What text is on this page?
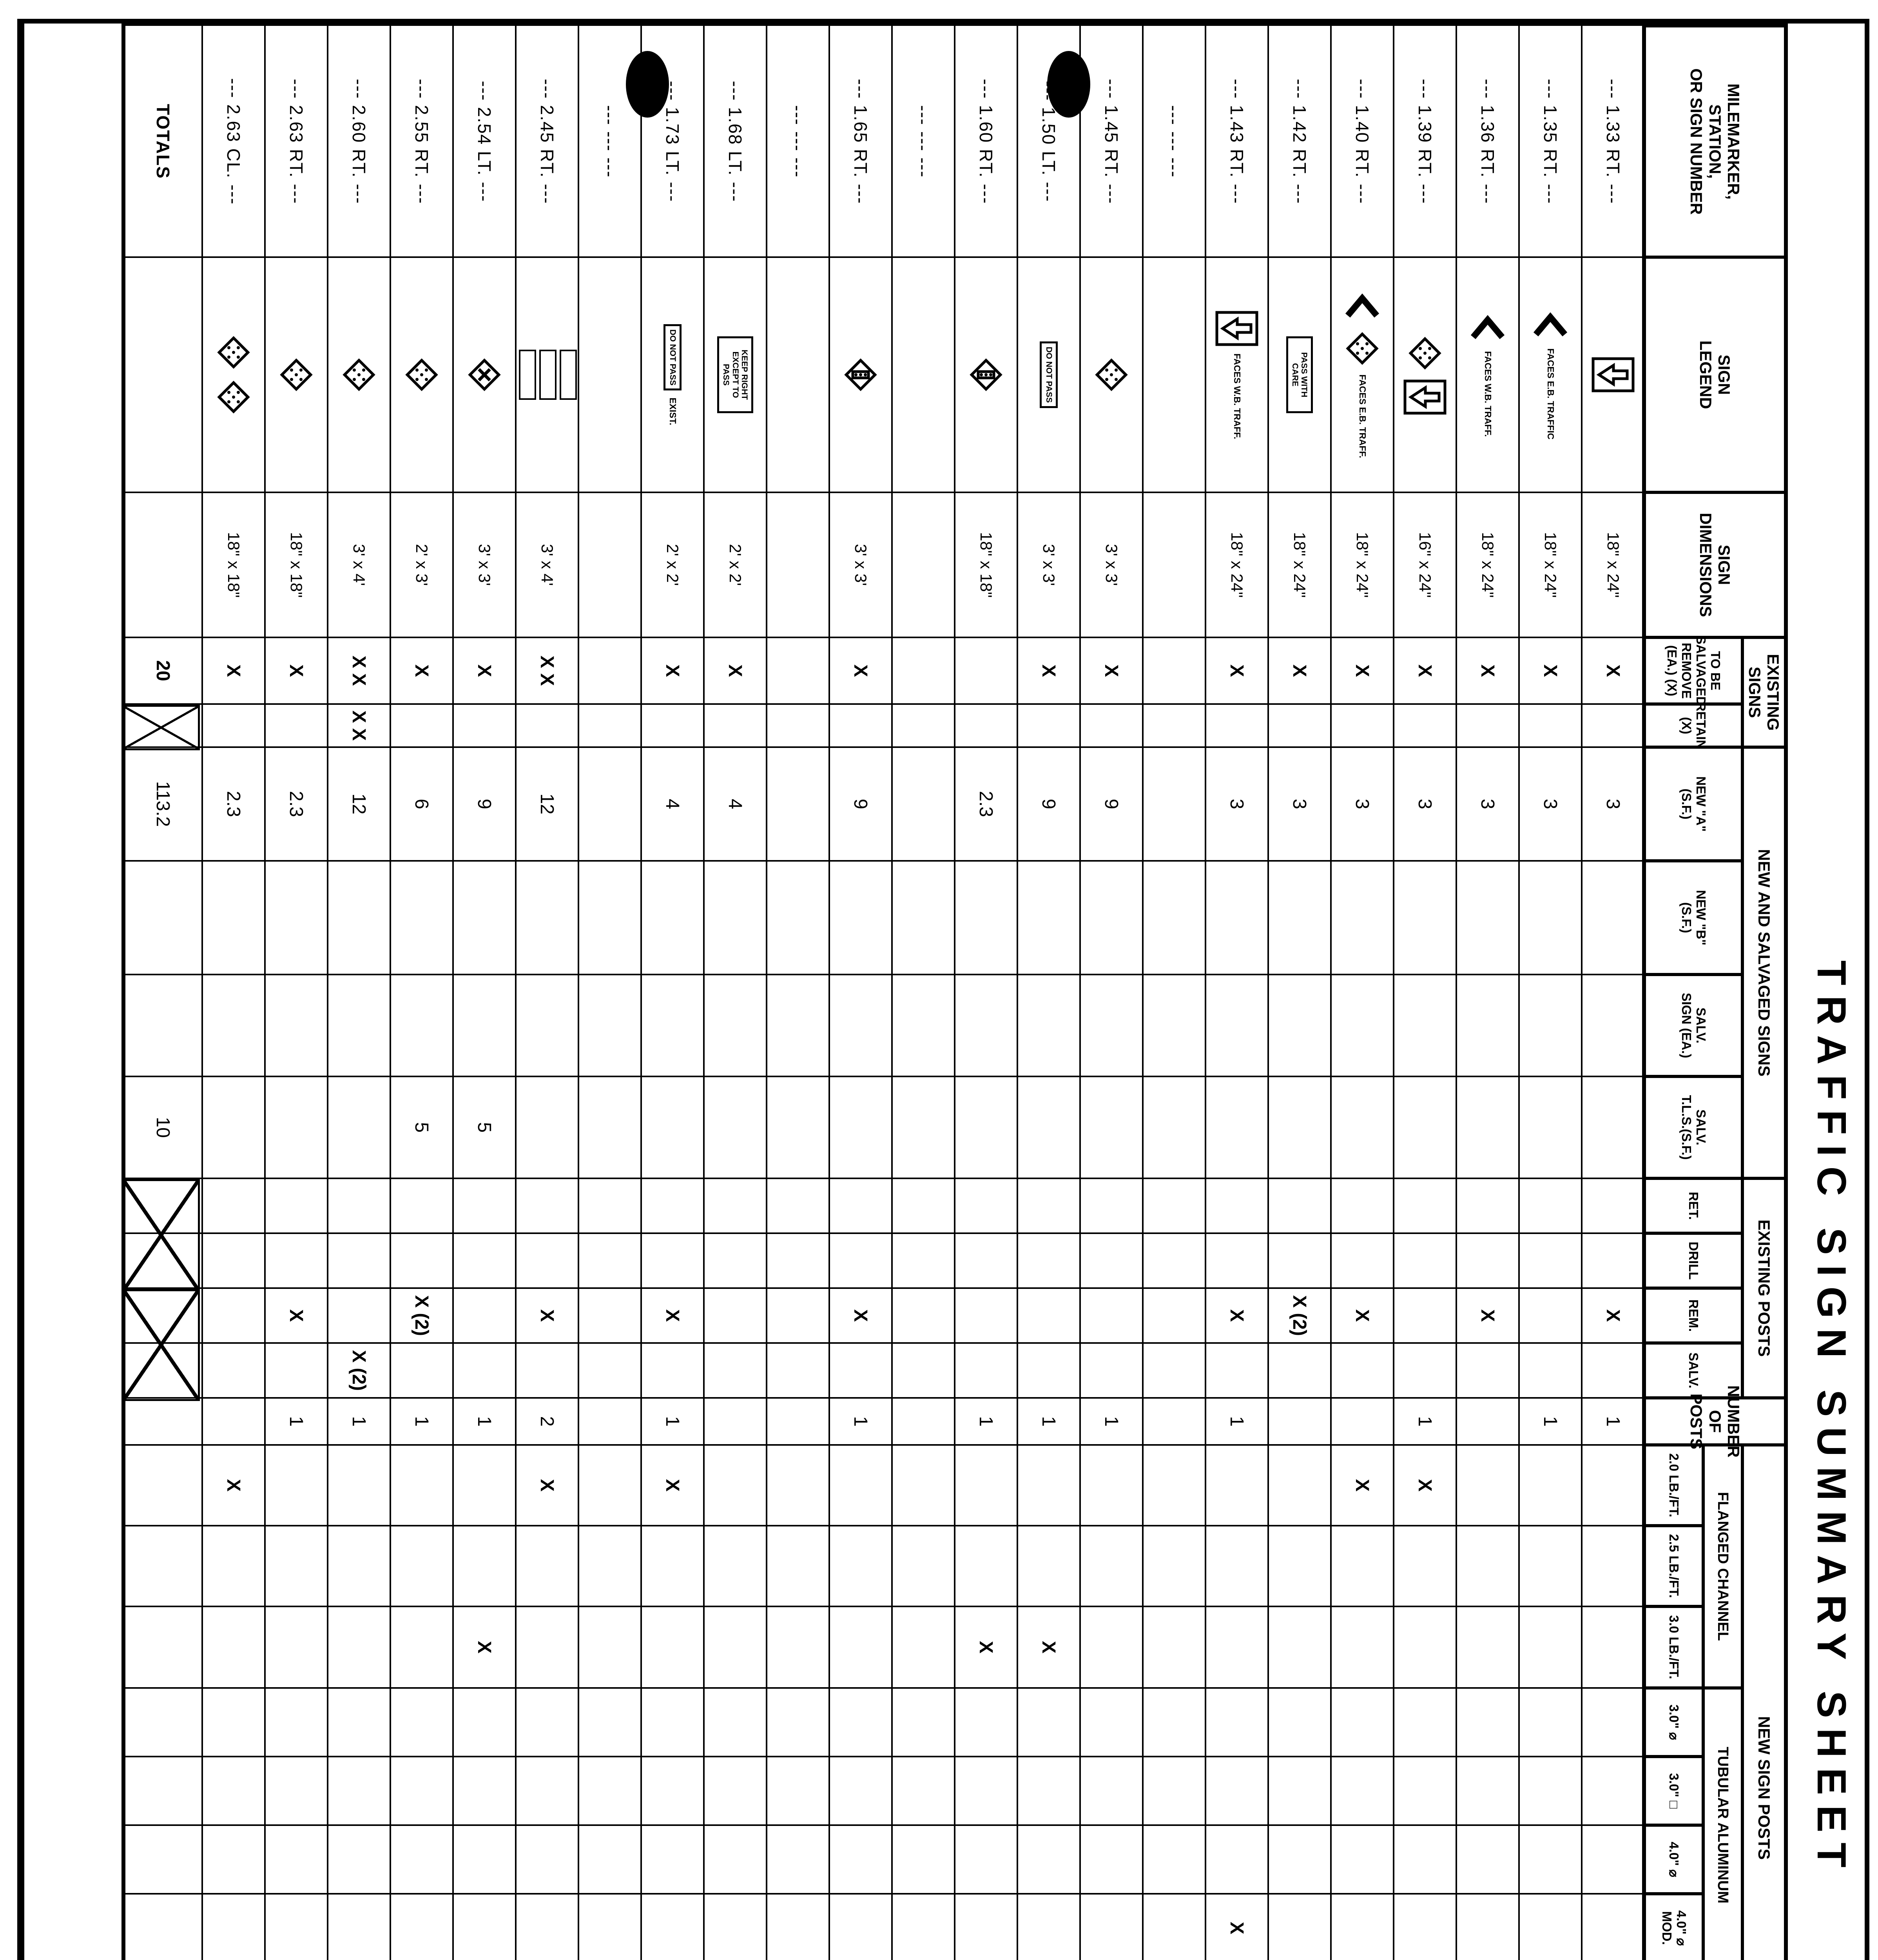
TRAFFIC SIGN SUMMARY SHEET
EXISTING SIGNS
NEW AND SALVAGED SIGNS
EXISTING POSTS
NEW SIGN POSTS
FLANGED CHANNEL
TUBULAR ALUMINUM
MILEMARKER,
STATION,
OR SIGN NUMBER
SIGN
LEGEND
SIGN
DIMENSIONS
TO BE SALVAGED
REMOVE (EA.) (X)
RETAIN
(X)
NEW "A"
(S.F.)
NEW "B"
(S.F.)
SALV.
SIGN (EA.)
SALV.
T.L.S.(S.F.)
RET.
DRILL
REM.
SALV.
NUMBER
OF
POSTS
2.0 LB./FT.
2.5 LB./FT.
3.0 LB./FT.
3.0" ⌀
3.0" □
4.0" ⌀
4.0" ⌀
MOD.
--- 1.33 RT. ---
18" x 24"
X
3
X
1
--- 1.35 RT. ---
FACES E.B. TRAFFIC
18" x 24"
X
3
1
--- 1.36 RT. ---
FACES W.B. TRAFF.
18" x 24"
X
3
X
--- 1.39 RT. ---
16" x 24"
X
3
1
X
--- 1.40 RT. ---
FACES E.B. TRAFF.
18" x 24"
X
3
X
X
--- 1.42 RT. ---
PASS WITH CARE
18" x 24"
X
3
X (2)
--- 1.43 RT. ---
FACES W.B. TRAFF.
18" x 24"
X
3
X
1
X
--- --- ---
--- 1.45 RT. ---
3' x 3'
X
9
1
--- 1.50 LT. ---
DO NOT PASS
3' x 3'
X
9
1
X
--- 1.60 RT. ---
18" x 18"
2.3
1
X
--- --- ---
--- 1.65 RT. ---
3' x 3'
X
9
X
1
--- --- ---
--- 1.68 LT. ---
KEEP RIGHT EXCEPT TO PASS
2' x 2'
X
4
--- 1.73 LT. ---
DO NOT PASS
EXIST.
2' x 2'
X
4
X
1
X
--- --- ---
--- 2.45 RT. ---
3' x 4'
X X
12
X
2
X
--- 2.54 LT. ---
3' x 3'
X
9
5
1
X
--- 2.55 RT. ---
2' x 3'
X
6
5
X (2)
1
--- 2.60 RT. ---
3' x 4'
X X
X X
12
X (2)
1
--- 2.63 RT. ---
18" x 18"
X
2.3
X
1
--- 2.63 CL. ---
18" x 18"
X
2.3
X
TOTALS
20
113.2
10
